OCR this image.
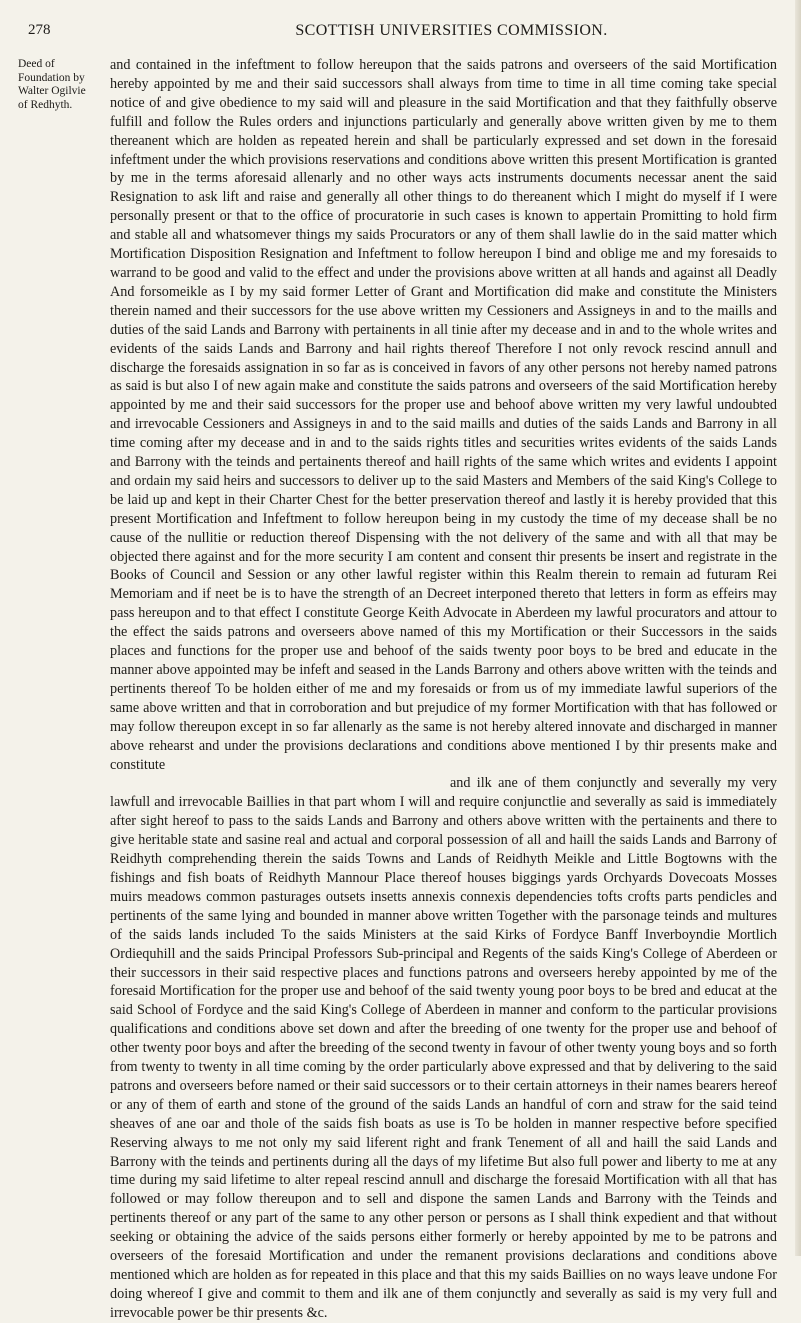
278	SCOTTISH UNIVERSITIES COMMISSION.
Deed of Foundation by Walter Ogilvie of Redhyth.

and contained in the infeftment to follow hereupon that the saids patrons and overseers of the said Mortification hereby appointed by me and their said successors shall always from time to time in all time coming take special notice of and give obedience to my said will and pleasure in the said Mortification and that they faithfully observe fulfill and follow the Rules orders and injunctions particularly and generally above written given by me to them thereanent which are holden as repeated herein and shall be particularly expressed and set down in the foresaid infeftment under the which provisions reservations and conditions above written this present Mortification is granted by me in the terms aforesaid allenarly and no other ways acts instruments documents necessar anent the said Resignation to ask lift and raise and generally all other things to do thereanent which I might do myself if I were personally present or that to the office of procuratorie in such cases is known to appertain Promitting to hold firm and stable all and whatsomever things my saids Procurators or any of them shall lawlie do in the said matter which Mortification Disposition Resignation and Infeftment to follow hereupon I bind and oblige me and my foresaids to warrand to be good and valid to the effect and under the provisions above written at all hands and against all Deadly And forsomeikle as I by my said former Letter of Grant and Mortification did make and constitute the Ministers therein named and their successors for the use above written my Cessioners and Assigneys in and to the maills and duties of the said Lands and Barrony with pertainents in all tinie after my decease and in and to the whole writes and evidents of the saids Lands and Barrony and hail rights thereof Therefore I not only revock rescind annull and discharge the foresaids assignation in so far as is conceived in favors of any other persons not hereby named patrons as said is but also I of new again make and constitute the saids patrons and overseers of the said Mortification hereby appointed by me and their said successors for the proper use and behoof above written my very lawful undoubted and irrevocable Cessioners and Assigneys in and to the said maills and duties of the saids Lands and Barrony in all time coming after my decease and in and to the saids rights titles and securities writes evidents of the saids Lands and Barrony with the teinds and pertainents thereof and haill rights of the same which writes and evidents I appoint and ordain my said heirs and successors to deliver up to the said Masters and Members of the said King's College to be laid up and kept in their Charter Chest for the better preservation thereof and lastly it is hereby provided that this present Mortification and Infeftment to follow hereupon being in my custody the time of my decease shall be no cause of the nullitie or reduction thereof Dispensing with the not delivery of the same and with all that may be objected there against and for the more security I am content and consent thir presents be insert and registrate in the Books of Council and Session or any other lawful register within this Realm therein to remain ad futuram Rei Memoriam and if neet be is to have the strength of an Decreet interponed thereto that letters in form as effeirs may pass hereupon and to that effect I constitute George Keith Advocate in Aberdeen my lawful procurators and attour to the effect the saids patrons and overseers above named of this my Mortification or their Successors in the saids places and functions for the proper use and behoof of the saids twenty poor boys to be bred and educate in the manner above appointed may be infeft and seased in the Lands Barrony and others above written with the teinds and pertinents thereof To be holden either of me and my foresaids or from us of my immediate lawful superiors of the same above written and that in corroboration and but prejudice of my former Mortification with that has followed or may follow thereupon except in so far allenarly as the same is not hereby altered innovate and discharged in manner above rehearst and under the provisions declarations and conditions above mentioned I by thir presents make and constitute

and ilk ane of them conjunctly and severally my very lawfull and irrevocable Baillies in that part whom I will and require conjunctlie and severally as said is immediately after sight hereof to pass to the saids Lands and Barrony and others above written with the pertainents and there to give heritable state and sasine real and actual and corporal possession of all and haill the saids Lands and Barrony of Reidhyth comprehending therein the saids Towns and Lands of Reidhyth Meikle and Little Bogtowns with the fishings and fish boats of Reidhyth Mannour Place thereof houses biggings yards Orchyards Dovecoats Mosses muirs meadows common pasturages outsets insetts annexis connexis dependencies tofts crofts parts pendicles and pertinents of the same lying and bounded in manner above written Together with the parsonage teinds and multures of the saids lands included To the saids Ministers at the said Kirks of Fordyce Banff Inverboyndie Mortlich Ordiequhill and the saids Principal Professors Sub-principal and Regents of the saids King's College of Aberdeen or their successors in their said respective places and functions patrons and overseers hereby appointed by me of the foresaid Mortification for the proper use and behoof of the said twenty young poor boys to be bred and educat at the said School of Fordyce and the said King's College of Aberdeen in manner and conform to the particular provisions qualifications and conditions above set down and after the breeding of one twenty for the proper use and behoof of other twenty poor boys and after the breeding of the second twenty in favour of other twenty young boys and so forth from twenty to twenty in all time coming by the order particularly above expressed and that by delivering to the said patrons and overseers before named or their said successors or to their certain attorneys in their names bearers hereof or any of them of earth and stone of the ground of the saids Lands an handful of corn and straw for the said teind sheaves of ane oar and thole of the saids fish boats as use is To be holden in manner respective before specified Reserving always to me not only my said liferent right and frank Tenement of all and haill the said Lands and Barrony with the teinds and pertinents during all the days of my lifetime But also full power and liberty to me at any time during my said lifetime to alter repeal rescind annull and discharge the foresaid Mortification with all that has followed or may follow thereupon and to sell and dispone the samen Lands and Barrony with the Teinds and pertinents thereof or any part of the same to any other person or persons as I shall think expedient and that without seeking or obtaining the advice of the saids persons either formerly or hereby appointed by me to be patrons and overseers of the foresaid Mortification and under the remanent provisions declarations and conditions above mentioned which are holden as for repeated in this place and that this my saids Baillies on no ways leave undone For doing whereof I give and commit to them and ilk ane of them conjunctly and severally as said is my very full and irrevocable power be thir presents &c.
